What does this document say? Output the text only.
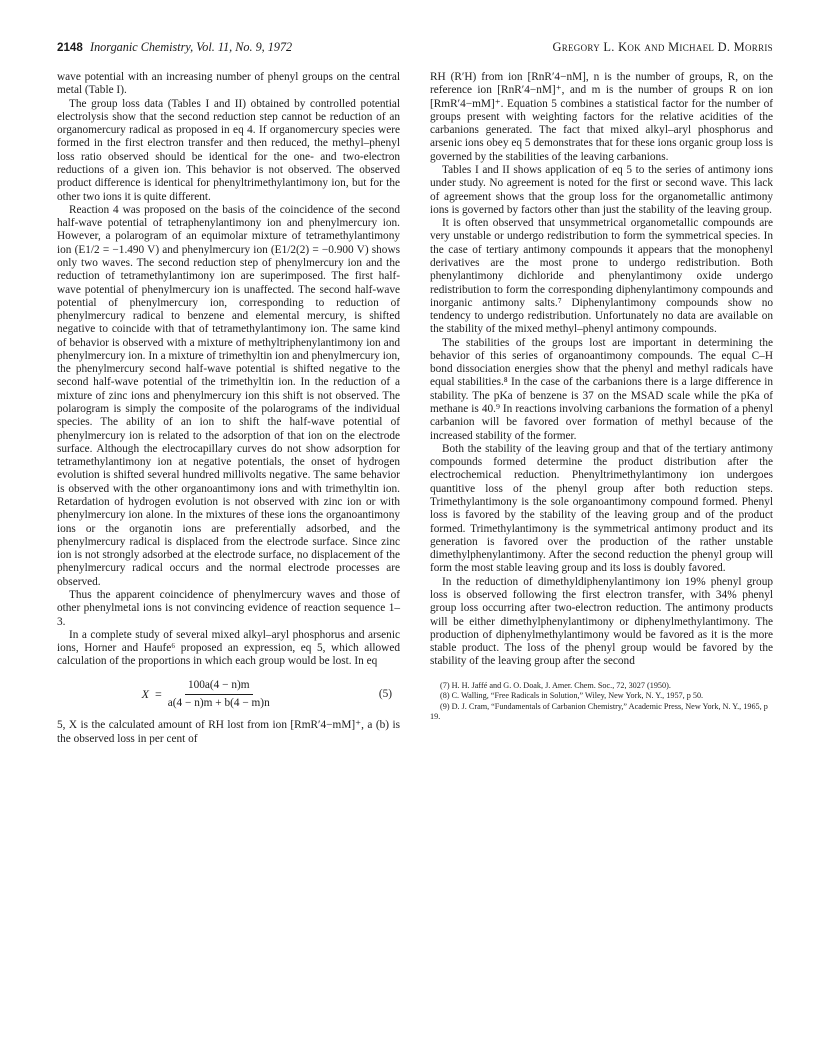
2148 Inorganic Chemistry, Vol. 11, No. 9, 1972	Gregory L. Kok and Michael D. Morris

wave potential with an increasing number of phenyl groups on the central metal (Table I).

The group loss data (Tables I and II) obtained by controlled potential electrolysis show that the second reduction step cannot be reduction of an organomercury radical as proposed in eq 4. If organomercury species were formed in the first electron transfer and then reduced, the methyl–phenyl loss ratio observed should be identical for the one- and two-electron reductions of a given ion. This behavior is not observed. The observed product difference is identical for phenyltrimethylantimony ion, but for the other two ions it is quite different.

Reaction 4 was proposed on the basis of the coincidence of the second half-wave potential of tetraphenylantimony ion and phenylmercury ion. However, a polarogram of an equimolar mixture of tetramethylantimony ion (E1/2 = −1.490 V) and phenylmercury ion (E1/2(2) = −0.900 V) shows only two waves. The second reduction step of phenylmercury ion and the reduction of tetramethylantimony ion are superimposed. The first half-wave potential of phenylmercury ion is unaffected. The second half-wave potential of phenylmercury ion, corresponding to reduction of phenylmercury radical to benzene and elemental mercury, is shifted negative to coincide with that of tetramethylantimony ion. The same kind of behavior is observed with a mixture of methyltriphenylantimony ion and phenylmercury ion. In a mixture of trimethyltin ion and phenylmercury ion, the phenylmercury second half-wave potential is shifted negative to the second half-wave potential of the trimethyltin ion. In the reduction of a mixture of zinc ions and phenylmercury ion this shift is not observed. The polarogram is simply the composite of the polarograms of the individual species. The ability of an ion to shift the half-wave potential of phenylmercury ion is related to the adsorption of that ion on the electrode surface. Although the electrocapillary curves do not show adsorption for tetramethylantimony ion at negative potentials, the onset of hydrogen evolution is shifted several hundred millivolts negative. The same behavior is observed with the other organoantimony ions and with trimethyltin ion. Retardation of hydrogen evolution is not observed with zinc ion or with phenylmercury ion alone. In the mixtures of these ions the organoantimony ions or the organotin ions are preferentially adsorbed, and the phenylmercury radical is displaced from the electrode surface. Since zinc ion is not strongly adsorbed at the electrode surface, no displacement of the phenylmercury radical occurs and the normal electrode processes are observed.

Thus the apparent coincidence of phenylmercury waves and those of other phenylmetal ions is not convincing evidence of reaction sequence 1–3.

In a complete study of several mixed alkyl–aryl phosphorus and arsenic ions, Horner and Haufe⁶ proposed an expression, eq 5, which allowed calculation of the proportions in which each group would be lost. In eq

$X = \frac{100a(4 - n)m}{a(4 - n)m + b(4 - m)n}$	(5)

5, X is the calculated amount of RH lost from ion [RmR′4−mM]⁺, a (b) is the observed loss in per cent of

RH (R′H) from ion [RnR′4−nM], n is the number of groups, R, on the reference ion [RnR′4−nM]⁺, and m is the number of groups R on ion [RmR′4−mM]⁺. Equation 5 combines a statistical factor for the number of groups present with weighting factors for the relative acidities of the carbanions generated. The fact that mixed alkyl–aryl phosphorus and arsenic ions obey eq 5 demonstrates that for these ions organic group loss is governed by the stabilities of the leaving carbanions.

Tables I and II shows application of eq 5 to the series of antimony ions under study. No agreement is noted for the first or second wave. This lack of agreement shows that the group loss for the organometallic antimony ions is governed by factors other than just the stability of the leaving group.

It is often observed that unsymmetrical organometallic compounds are very unstable or undergo redistribution to form the symmetrical species. In the case of tertiary antimony compounds it appears that the monophenyl derivatives are the most prone to undergo redistribution. Both phenylantimony dichloride and phenylantimony oxide undergo redistribution to form the corresponding diphenylantimony compounds and inorganic antimony salts.⁷ Diphenylantimony compounds show no tendency to undergo redistribution. Unfortunately no data are available on the stability of the mixed methyl–phenyl antimony compounds.

The stabilities of the groups lost are important in determining the behavior of this series of organoantimony compounds. The equal C–H bond dissociation energies show that the phenyl and methyl radicals have equal stabilities.⁸ In the case of the carbanions there is a large difference in stability. The pKa of benzene is 37 on the MSAD scale while the pKa of methane is 40.⁹ In reactions involving carbanions the formation of a phenyl carbanion will be favored over formation of methyl because of the increased stability of the former.

Both the stability of the leaving group and that of the tertiary antimony compounds formed determine the product distribution after the electrochemical reduction. Phenyltrimethylantimony ion undergoes quantitive loss of the phenyl group after both reduction steps. Trimethylantimony is the sole organoantimony compound formed. Phenyl loss is favored by the stability of the leaving group and of the product formed. Trimethylantimony is the symmetrical antimony product and its generation is favored over the production of the rather unstable dimethylphenylantimony. After the second reduction the phenyl group will form the most stable leaving group and its loss is doubly favored.

In the reduction of dimethyldiphenylantimony ion 19% phenyl group loss is observed following the first electron transfer, with 34% phenyl group loss occurring after two-electron reduction. The antimony products will be either dimethylphenylantimony or diphenylmethylantimony. The production of diphenylmethylantimony would be favored as it is the more stable product. The loss of the phenyl group would be favored by the stability of the leaving group after the second

(7) H. H. Jaffé and G. O. Doak, J. Amer. Chem. Soc., 72, 3027 (1950).

(8) C. Walling, “Free Radicals in Solution,” Wiley, New York, N. Y., 1957, p 50.

(9) D. J. Cram, “Fundamentals of Carbanion Chemistry,” Academic Press, New York, N. Y., 1965, p 19.
